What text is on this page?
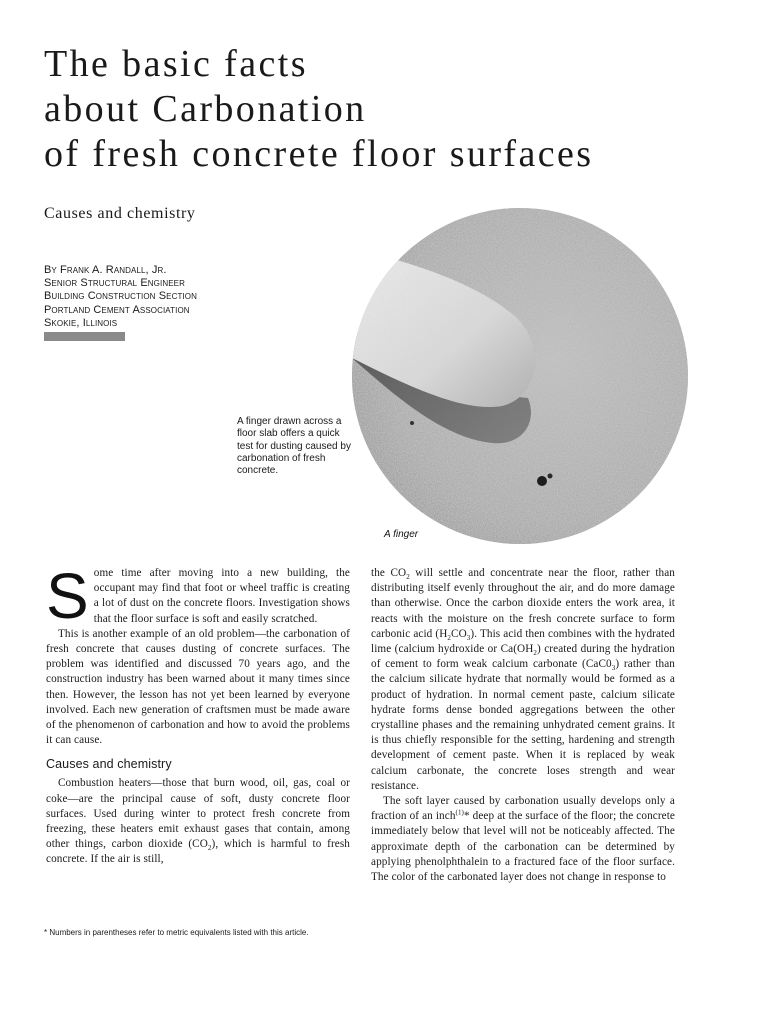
The basic facts
about Carbonation
of fresh concrete floor surfaces
Causes and chemistry
By Frank A. Randall, Jr.
Senior Structural Engineer
Building Construction Section
Portland Cement Association
Skokie, Illinois
A finger
A finger drawn across a floor slab offers a quick test for dusting caused by carbonation of fresh concrete.

Some time after moving into a new building, the occupant may find that foot or wheel traffic is creating a lot of dust on the concrete floors. Investigation shows that the floor surface is soft and easily scratched.

This is another example of an old problem—the carbonation of fresh concrete that causes dusting of concrete surfaces. The problem was identified and discussed 70 years ago, and the construction industry has been warned about it many times since then. However, the lesson has not yet been learned by everyone involved. Each new generation of craftsmen must be made aware of the phenomenon of carbonation and how to avoid the problems it can cause.

Causes and chemistry

Combustion heaters—those that burn wood, oil, gas, coal or coke—are the principal cause of soft, dusty concrete floor surfaces. Used during winter to protect fresh concrete from freezing, these heaters emit exhaust gases that contain, among other things, carbon dioxide $(CO_2)$, which is harmful to fresh concrete. If the air is still,

the $CO_2$ will settle and concentrate near the floor, rather than distributing itself evenly throughout the air, and do more damage than otherwise. Once the carbon dioxide enters the work area, it reacts with the moisture on the fresh concrete surface to form carbonic acid $(H_2CO_3)$. This acid then combines with the hydrated lime (calcium hydroxide or $Ca(OH_2)$ created during the hydration of cement to form weak calcium carbonate $(CaC0_3)$ rather than the calcium silicate hydrate that normally would be formed as a product of hydration. In normal cement paste, calcium silicate hydrate forms dense bonded aggregations between the other crystalline phases and the remaining unhydrated cement grains. It is thus chiefly responsible for the setting, hardening and strength development of cement paste. When it is replaced by weak calcium carbonate, the concrete loses strength and wear resistance.

The soft layer caused by carbonation usually develops only a fraction of an inch$^{(1)}$* deep at the surface of the floor; the concrete immediately below that level will not be noticeably affected. The approximate depth of the carbonation can be determined by applying phenolphthalein to a fractured face of the floor surface. The color of the carbonated layer does not change in response to

* Numbers in parentheses refer to metric equivalents listed with this article.
